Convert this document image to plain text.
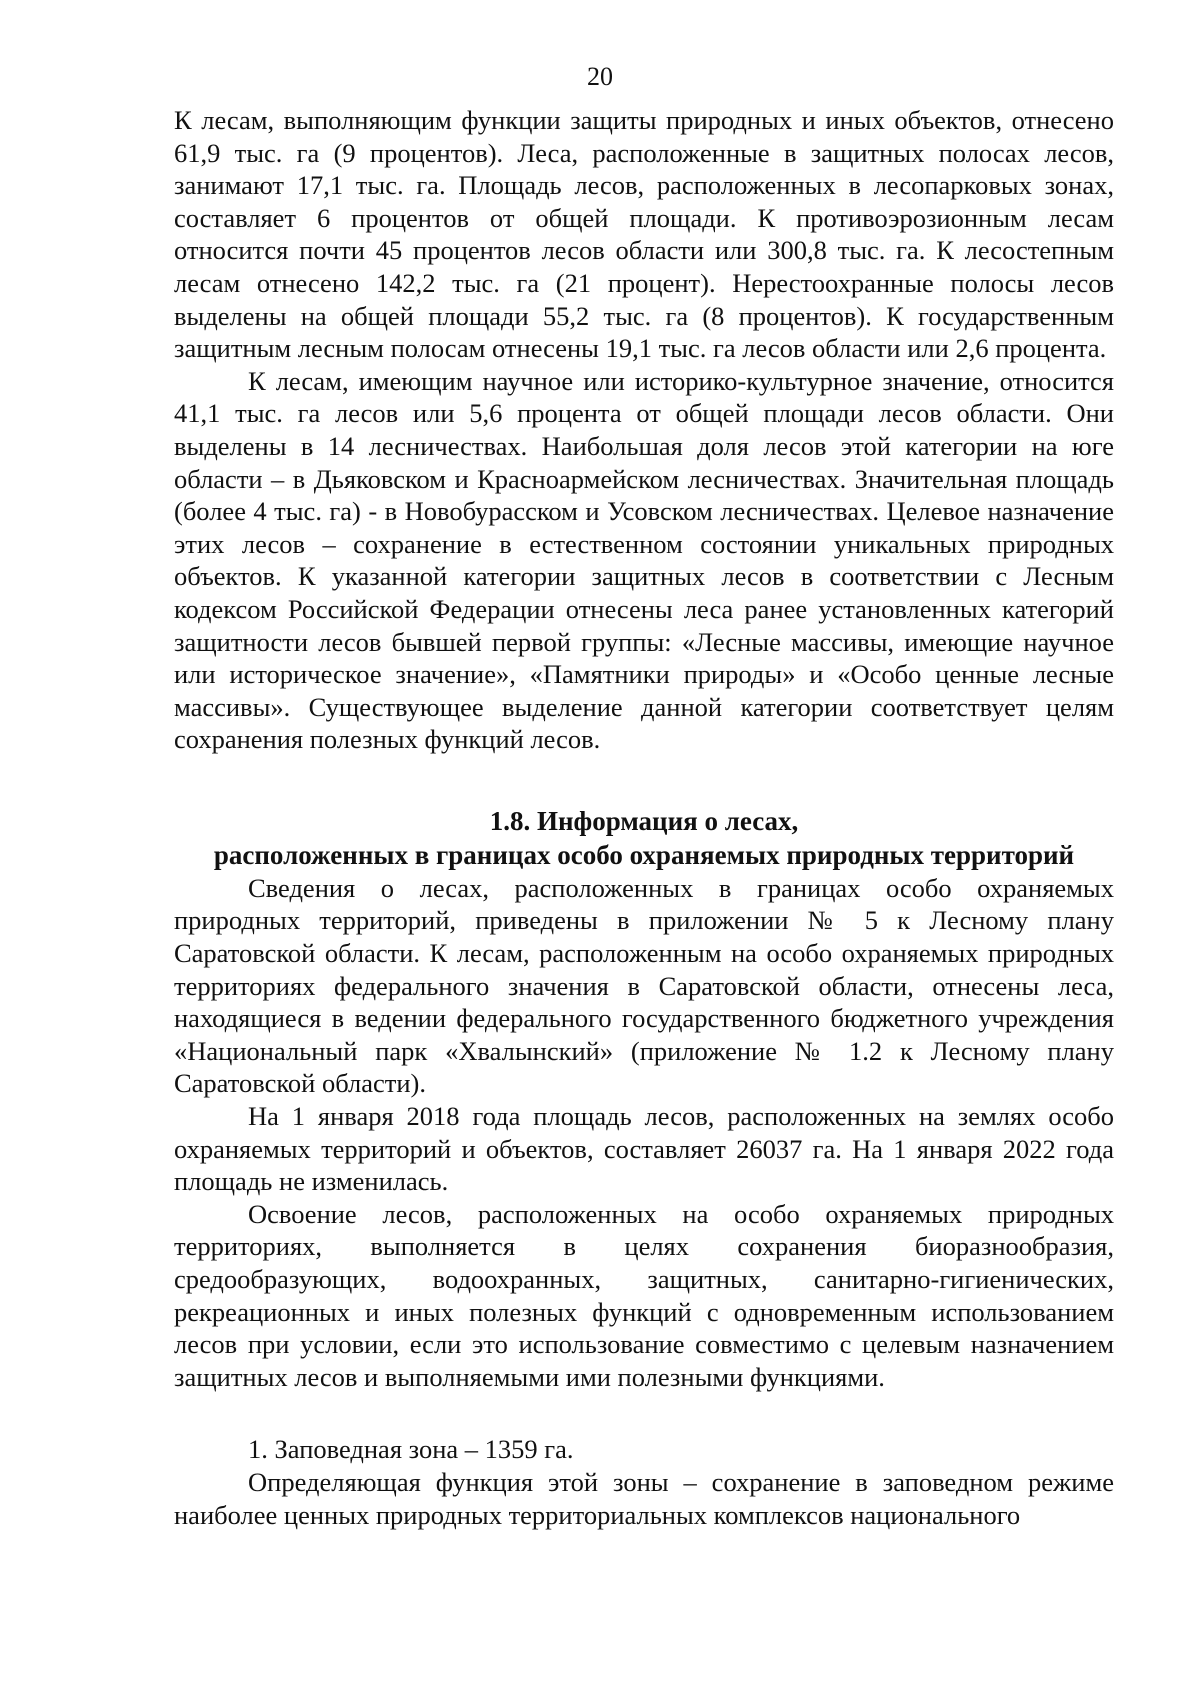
20

К лесам, выполняющим функции защиты природных и иных объектов, отнесено 61,9 тыс. га (9 процентов). Леса, расположенные в защитных полосах лесов, занимают 17,1 тыс. га. Площадь лесов, расположенных в лесопарковых зонах, составляет 6 процентов от общей площади. К противоэрозионным лесам относится почти 45 процентов лесов области или 300,8 тыс. га. К лесостепным лесам отнесено 142,2 тыс. га (21 процент). Нерестоохранные полосы лесов выделены на общей площади 55,2 тыс. га (8 процентов). К государственным защитным лесным полосам отнесены 19,1 тыс. га лесов области или 2,6 процента.

К лесам, имеющим научное или историко-культурное значение, относится 41,1 тыс. га лесов или 5,6 процента от общей площади лесов области. Они выделены в 14 лесничествах. Наибольшая доля лесов этой категории на юге области – в Дьяковском и Красноармейском лесничествах. Значительная площадь (более 4 тыс. га) - в Новобурасском и Усовском лесничествах. Целевое назначение этих лесов – сохранение в естественном состоянии уникальных природных объектов. К указанной категории защитных лесов в соответствии с Лесным кодексом Российской Федерации отнесены леса ранее установленных категорий защитности лесов бывшей первой группы: «Лесные массивы, имеющие научное или историческое значение», «Памятники природы» и «Особо ценные лесные массивы». Существующее выделение данной категории соответствует целям сохранения полезных функций лесов.

1.8. Информация о лесах,
расположенных в границах особо охраняемых природных территорий

Сведения о лесах, расположенных в границах особо охраняемых природных территорий, приведены в приложении № 5 к Лесному плану Саратовской области. К лесам, расположенным на особо охраняемых природных территориях федерального значения в Саратовской области, отнесены леса, находящиеся в ведении федерального государственного бюджетного учреждения «Национальный парк «Хвалынский» (приложение № 1.2 к Лесному плану Саратовской области).

На 1 января 2018 года площадь лесов, расположенных на землях особо охраняемых территорий и объектов, составляет 26037 га. На 1 января 2022 года площадь не изменилась.

Освоение лесов, расположенных на особо охраняемых природных территориях, выполняется в целях сохранения биоразнообразия, средообразующих, водоохранных, защитных, санитарно-гигиенических, рекреационных и иных полезных функций с одновременным использованием лесов при условии, если это использование совместимо с целевым назначением защитных лесов и выполняемыми ими полезными функциями.

1. Заповедная зона – 1359 га.

Определяющая функция этой зоны – сохранение в заповедном режиме наиболее ценных природных территориальных комплексов национального
